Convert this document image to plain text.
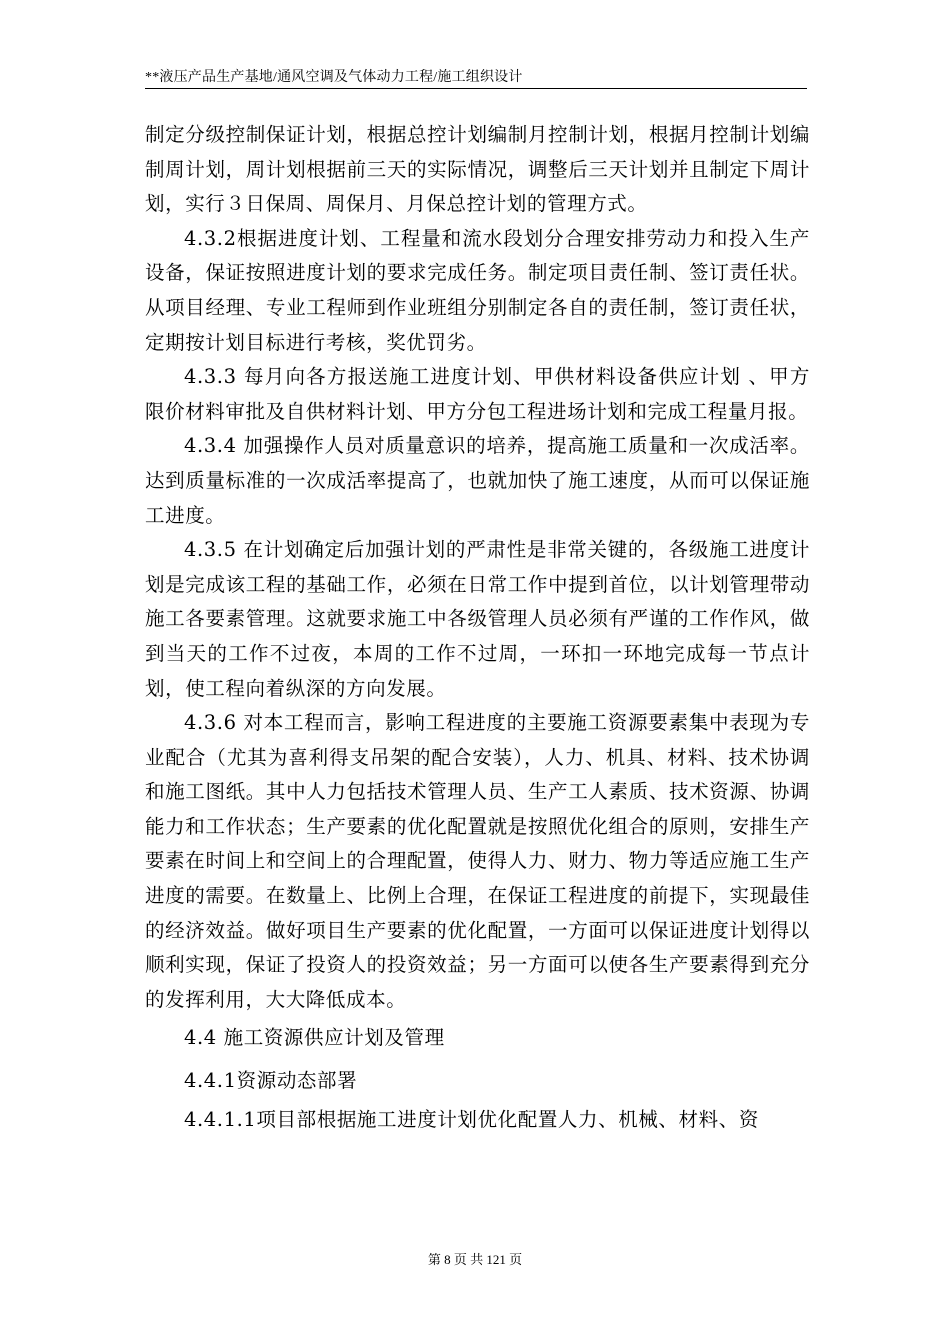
**液压产品生产基地/通风空调及气体动力工程/施工组织设计

制定分级控制保证计划，根据总控计划编制月控制计划，根据月控制计划编制周计划，周计划根据前三天的实际情况，调整后三天计划并且制定下周计划，实行３日保周、周保月、月保总控计划的管理方式。

4.3.2根据进度计划、工程量和流水段划分合理安排劳动力和投入生产设备，保证按照进度计划的要求完成任务。制定项目责任制、签订责任状。从项目经理、专业工程师到作业班组分别制定各自的责任制，签订责任状，定期按计划目标进行考核，奖优罚劣。

4.3.3 每月向各方报送施工进度计划、甲供材料设备供应计划 、甲方限价材料审批及自供材料计划、甲方分包工程进场计划和完成工程量月报。

4.3.4 加强操作人员对质量意识的培养，提高施工质量和一次成活率。达到质量标准的一次成活率提高了，也就加快了施工速度，从而可以保证施工进度。

4.3.5 在计划确定后加强计划的严肃性是非常关键的，各级施工进度计划是完成该工程的基础工作，必须在日常工作中提到首位，以计划管理带动施工各要素管理。这就要求施工中各级管理人员必须有严谨的工作作风，做到当天的工作不过夜，本周的工作不过周，一环扣一环地完成每一节点计划，使工程向着纵深的方向发展。

4.3.6 对本工程而言，影响工程进度的主要施工资源要素集中表现为专业配合（尤其为喜利得支吊架的配合安装），人力、机具、材料、技术协调和施工图纸。其中人力包括技术管理人员、生产工人素质、技术资源、协调能力和工作状态；生产要素的优化配置就是按照优化组合的原则，安排生产要素在时间上和空间上的合理配置，使得人力、财力、物力等适应施工生产进度的需要。在数量上、比例上合理，在保证工程进度的前提下，实现最佳的经济效益。做好项目生产要素的优化配置，一方面可以保证进度计划得以顺利实现，保证了投资人的投资效益；另一方面可以使各生产要素得到充分的发挥利用，大大降低成本。

4.4 施工资源供应计划及管理

4.4.1资源动态部署

4.4.1.1项目部根据施工进度计划优化配置人力、机械、材料、资

第 8 页 共 121 页
